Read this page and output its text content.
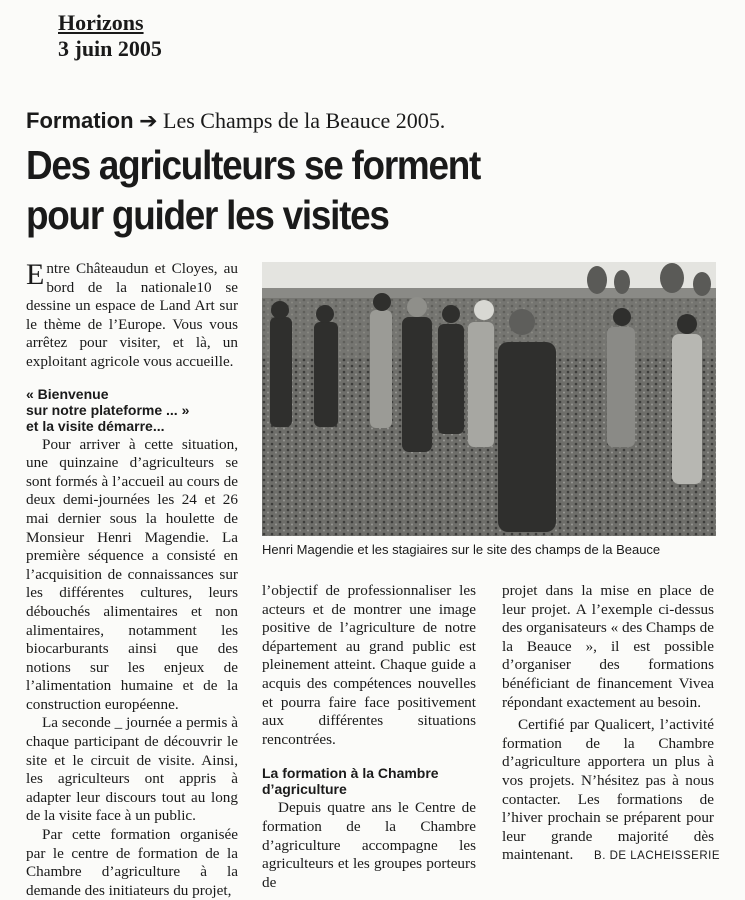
Horizons
3 juin 2005
Formation ➔ Les Champs de la Beauce 2005.
Des agriculteurs se forment
pour guider les visites

Entre Châteaudun et Cloyes, au bord de la nationale10 se dessine un espace de Land Art sur le thème de l’Europe. Vous vous arrêtez pour visiter, et là, un exploitant agricole vous accueille.

« Bienvenue
sur notre plateforme ... »
et la visite démarre...

Pour arriver à cette situation, une quinzaine d’agriculteurs se sont formés à l’accueil au cours de deux demi-journées les 24 et 26 mai dernier sous la houlette de Monsieur Henri Magendie. La première séquence a consisté en l’acquisition de connaissances sur les différentes cultures, leurs débouchés alimentaires et non alimentaires, notamment les biocarburants ainsi que des notions sur les enjeux de l’alimentation humaine et de la construction européenne.

La seconde _ journée a permis à chaque participant de découvrir le site et le circuit de visite. Ainsi, les agriculteurs ont appris à adapter leur discours tout au long de la visite face à un public.

Par cette formation organisée par le centre de formation de la Chambre d’agriculture à la demande des initiateurs du projet,

Henri Magendie et les stagiaires sur le site des champs de la Beauce

l’objectif de professionnaliser les acteurs et de montrer une image positive de l’agriculture de notre département au grand public est pleinement atteint. Chaque guide a acquis des compétences nouvelles et pourra faire face positivement aux différentes situations rencontrées.

La formation à la Chambre
d’agriculture

Depuis quatre ans le Centre de formation de la Chambre d’agriculture accompagne les agriculteurs et les groupes porteurs de

projet dans la mise en place de leur projet. A l’exemple ci-dessus des organisateurs « des Champs de la Beauce », il est possible d’organiser des formations bénéficiant de financement Vivea répondant exactement au besoin.

Certifié par Qualicert, l’activité formation de la Chambre d’agriculture apportera un plus à vos projets. N’hésitez pas à nous contacter. Les formations de l’hiver prochain se préparent pour leur grande majorité dès maintenant.	B. DE LACHEISSERIE
